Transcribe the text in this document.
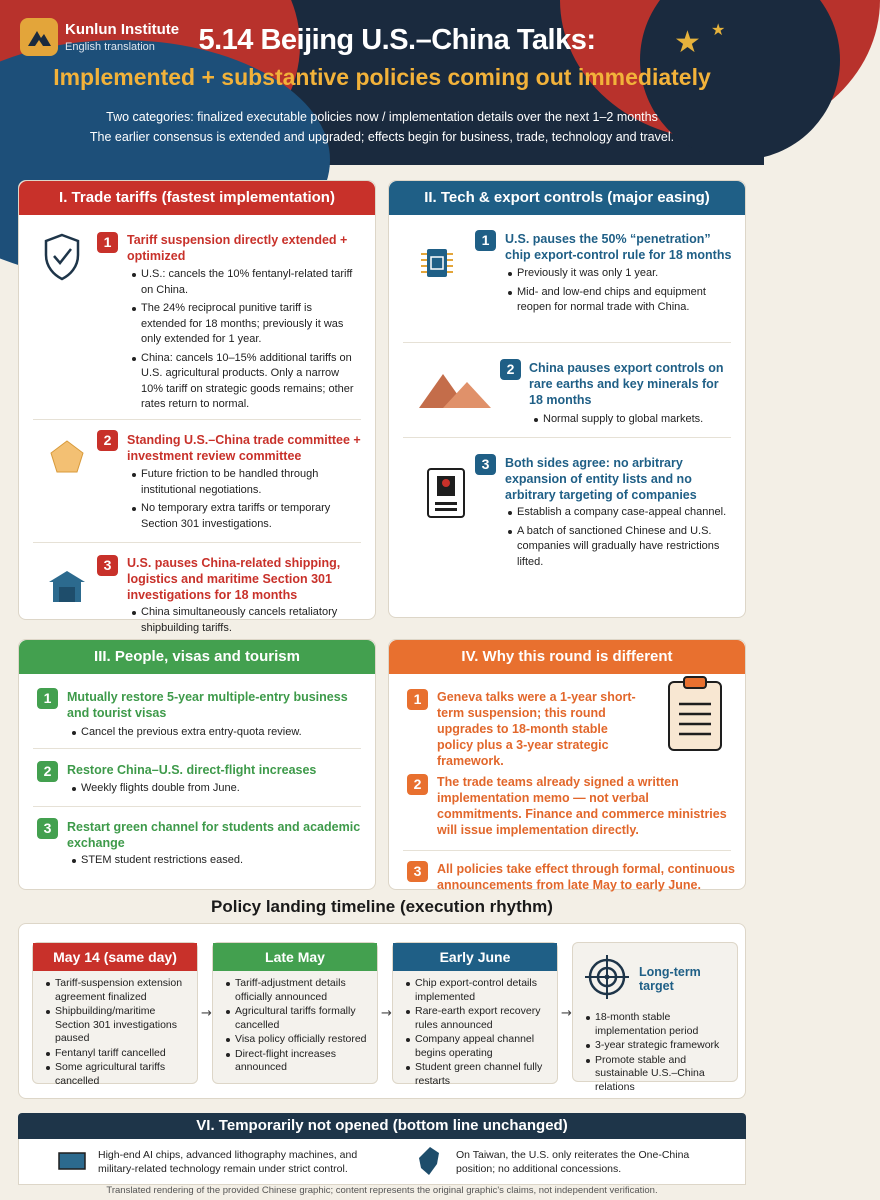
★ ★
Kunlun Institute
English translation	5.14 Beijing U.S.–China Talks:
Implemented + substantive policies coming out immediately
Two categories: finalized executable policies now / implementation details over the next 1–2 months
The earlier consensus is extended and upgraded; effects begin for business, trade, technology and travel.
I. Trade tariffs (fastest implementation)
1	Tariff suspension directly extended + optimized
U.S.: cancels the 10% fentanyl-related tariff on China.
The 24% reciprocal punitive tariff is extended for 18 months; previously it was only extended for 1 year.
China: cancels 10–15% additional tariffs on U.S. agricultural products. Only a narrow 10% tariff on strategic goods remains; other rates return to normal.
2	Standing U.S.–China trade committee + investment review committee
Future friction to be handled through institutional negotiations.
No temporary extra tariffs or temporary Section 301 investigations.
3	U.S. pauses China-related shipping, logistics and maritime Section 301 investigations for 18 months
China simultaneously cancels retaliatory shipbuilding tariffs.
II. Tech & export controls (major easing)
1	U.S. pauses the 50% “penetration” chip export-control rule for 18 months
Previously it was only 1 year.
Mid- and low-end chips and equipment reopen for normal trade with China.
2	China pauses export controls on rare earths and key minerals for 18 months
Normal supply to global markets.
3	Both sides agree: no arbitrary expansion of entity lists and no arbitrary targeting of companies
Establish a company case-appeal channel.
A batch of sanctioned Chinese and U.S. companies will gradually have restrictions lifted.
III. People, visas and tourism
1	Mutually restore 5-year multiple-entry business and tourist visas
Cancel the previous extra entry-quota review.
2	Restore China–U.S. direct-flight increases
Weekly flights double from June.
3	Restart green channel for students and academic exchange
STEM student restrictions eased.
IV. Why this round is different
1	Geneva talks were a 1-year short-term suspension; this round upgrades to 18-month stable policy plus a 3-year strategic framework.
2	The trade teams already signed a written implementation memo — not verbal commitments. Finance and commerce ministries will issue implementation directly.
3	All policies take effect through formal, continuous announcements from late May to early June.
Policy landing timeline (execution rhythm)
May 14 (same day)
Tariff-suspension extension agreement finalized
Shipbuilding/maritime Section 301 investigations paused
Fentanyl tariff cancelled
Some agricultural tariffs cancelled
→
Late May
Tariff-adjustment details officially announced
Agricultural tariffs formally cancelled
Visa policy officially restored
Direct-flight increases announced
→
Early June
Chip export-control details implemented
Rare-earth export recovery rules announced
Company appeal channel begins operating
Student green channel fully restarts
→
Long-term target
18-month stable implementation period
3-year strategic framework
Promote stable and sustainable U.S.–China relations
VI. Temporarily not opened (bottom line unchanged)
High-end AI chips, advanced lithography machines, and military-related technology remain under strict control.
On Taiwan, the U.S. only reiterates the One-China position; no additional concessions.
Translated rendering of the provided Chinese graphic; content represents the original graphic's claims, not independent verification.
